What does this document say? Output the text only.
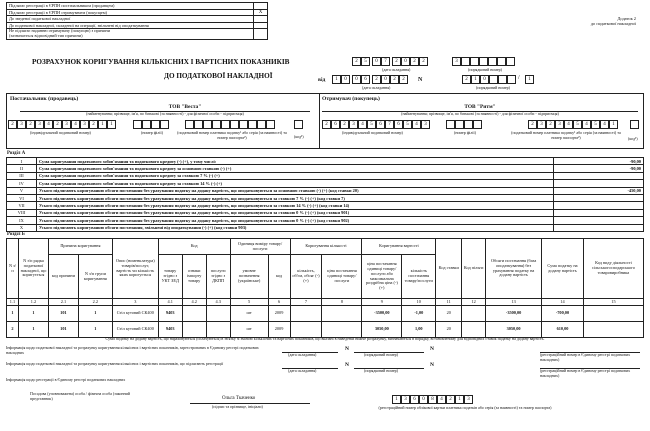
Додаток 2
до податкової накладної
Підлягає реєстрації в ЄРПН постачальником (продавцем)
Підлягає реєстрації в ЄРПН отримувачем (покупцем)	X
До зведеної податкової накладної
До податкової накладної, складеної на операції, звільнені від оподаткування
Не підлягає наданню отримувачу (покупцю) з причини
(зазначається відповідний тип причини)
РОЗРАХУНОК КОРИГУВАННЯ КІЛЬКІСНИХ І ВАРТІСНИХ ПОКАЗНИКІВ
ДО ПОДАТКОВОЇ НАКЛАДНОЇ
2 5 0 7 2 0 2 2	3
(дата складання)	(порядковий номер)
від	1 0 0 6 2 0 2 2	N	2 1 0	/	1
(дата складання)	(порядковий номер)
Постачальник (продавець)
ТОВ "Веста"
(найменування; прізвище, ім'я, по батькові (за наявності) - для фізичної особи - підприємця)
2 3 2 3 4 2 3 4 3 2 1 1
(індивідуальний податковий номер)	(номер філії)	(податковий номер платника податку¹ або серія (за наявності) та номер паспорта²)	(код³)
Отримувач (покупець)
ТОВ "Ритм"
(найменування; прізвище, ім'я, по батькові (за наявності) - для фізичної особи - підприємця)
2 6 2 3 4 5 6 7 6 5 4 3
(індивідуальний податковий номер)	(номер філії)
2 3 2 3 4 5 4 5 4 1
(податковий номер платника податку¹ або серія (за наявності) та номер паспорта²)	(код³)
Розділ А
I	Сума коригування податкового зобов'язання та податкового кредиту (-) (+), у тому числі:	-90,00
II	Сума коригування податкового зобов'язання та податкового кредиту за основною ставкою (-) (+)	-90,00
III	Сума коригування податкового зобов'язання та податкового кредиту за ставкою 7 % (-) (+)	
IV	Сума коригування податкового зобов'язання та податкового кредиту за ставкою 14 % (-) (+)	
V	Усього підлягають коригуванню обсяги постачання без урахування податку на додану вартість, що оподатковуються за основною ставкою (-) (+) (код ставки 20)	-450,00
VI	Усього підлягають коригуванню обсяги постачання без урахування податку на додану вартість, що оподатковуються за ставкою 7 % (-) (+) (код ставки 7)	
VII	Усього підлягають коригуванню обсяги постачання без урахування податку на додану вартість, що оподатковуються за ставкою 14 % (-) (+) (код ставки 14)	
VIII	Усього підлягають коригуванню обсяги постачання без урахування податку на додану вартість, що оподатковуються за ставкою 0 % (-) (+) (код ставки 901)	
IX	Усього підлягають коригуванню обсяги постачання без урахування податку на додану вартість, що оподатковуються за ставкою 0 % (-) (+) (код ставки 902)	
X	Усього підлягають коригуванню обсяги постачання, звільнені від оподаткування (-) (+) (код ставки 903)	
Розділ Б
N з/п	N з/п рядка податкової накладної, що коригується	Причина коригування		Опис (номенклатура) товарів/послуг, вартість чи кількість яких коригується	Код			Одиниця виміру товару/послуги		Коригування кількості		Коригування вартості		Код ставки	Код пільги	Обсяги постачання (база оподаткування) без урахування податку на додану вартість	Сума податку на додану вартість	Код виду діяльності сільськогосподарського товаровиробника
		код причини	N з/п групи коригування		товару згідно з УКТ ЗЕД	ознаки імпорту товару	послуги згідно з ДКПП	умовне позначення (українське)	код	кількість, об'єм, обсяг (-) (+)	ціна постачання одиниці товару/послуги	ціна постачання одиниці товару/послуги або максимальна роздрібна ціна (-) (+)	кількість постачання товару/послуги					
1.1	1.2	2.1	2.2	3	4.1	4.2	4.3	5	6	7	8	9	10	11	12	13	14	15
1	1	101	1	Стіл кутовий СК400	9403			шт	2009			-3500,00	-1,00	20		-3500,00	-700,00	
2	1	101	1	Стіл кутовий СК400	9403			шт	2009			3050,00	1,00	20		3050,00	610,00	
Суми податку на додану вартість, що нараховуються (сплачуються) в зв'язку зі зміною кількісних та вартісних показників, що вказані в наведеній нижче розрахунку, визначаються в порядку, встановленому для відповідних ставок податку на додану вартість.
Інформація щодо податкової накладної та розрахунку коригування кількісних і вартісних показників, зареєстрованих в Єдиному реєстрі податкових накладних	(дата складання)
N
(порядковий номер)
N
(реєстраційний номер в Єдиному реєстрі податкових накладних)
Інформація щодо податкової накладної та розрахунку коригування кількісних і вартісних показників, що підлягають реєстрації
(дата складання)
N
(порядковий номер)
N
(реєстраційний номер в Єдиному реєстрі податкових накладних)
Інформація щодо реєстрації в Єдиному реєстрі податкових накладних
Посадова (уповноважена) особа / фізична особа (законний представник)	Ольга Ткаченко
(підпис та прізвище, ініціали)
1 3 6 0 8 4 2 1 3
(реєстраційний номер облікової картки платника податків або серія (за наявності) та номер паспорта)
